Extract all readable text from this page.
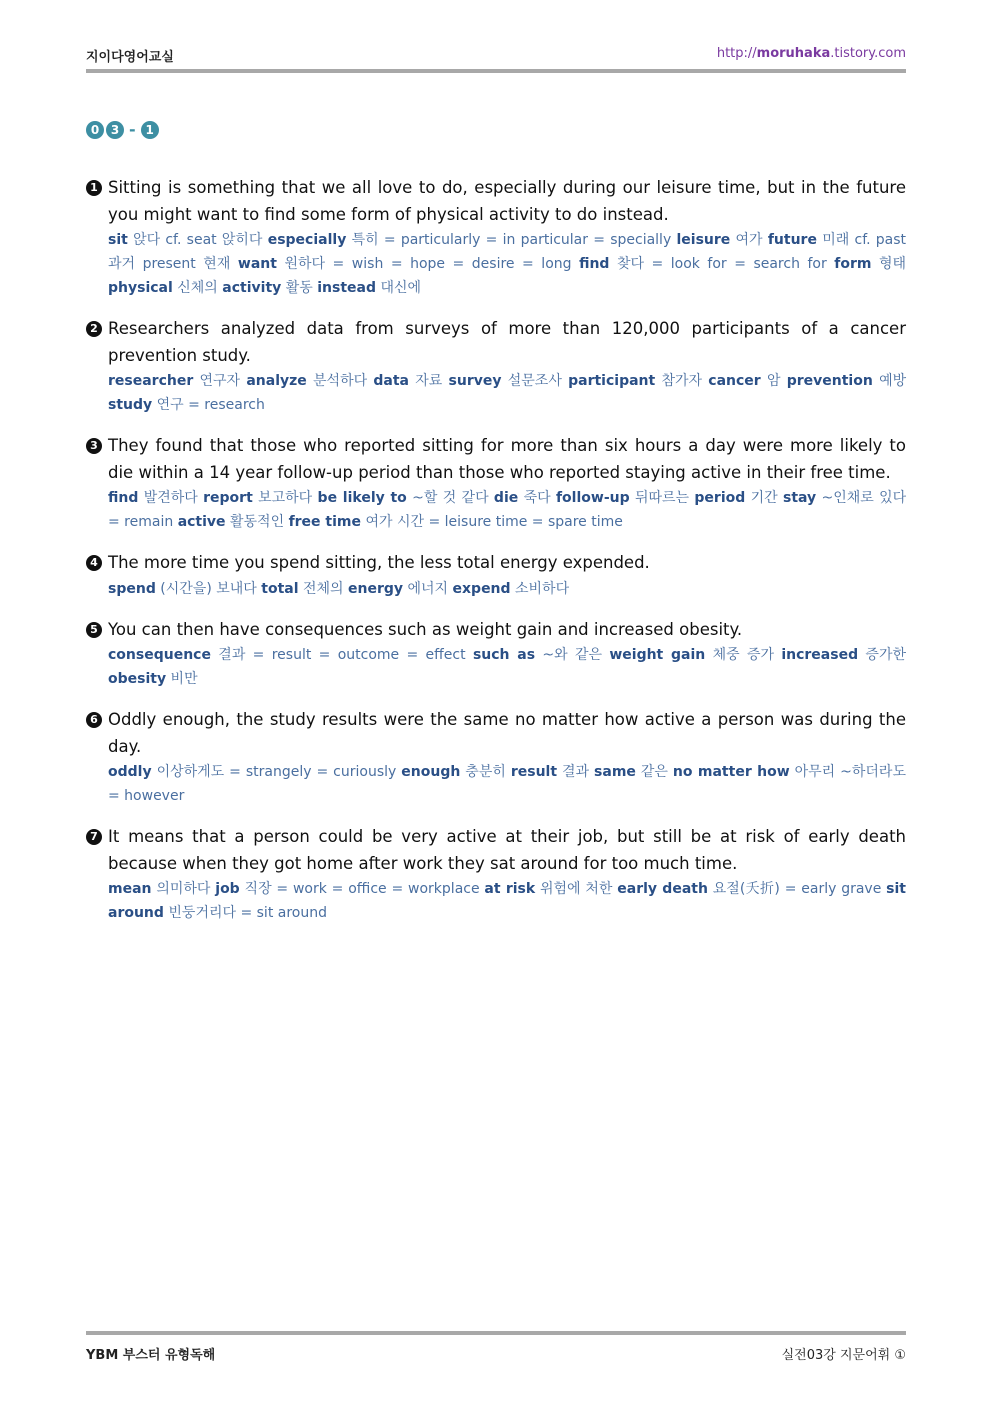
지이다영어교실	http://moruhaka.tistory.com
0 3 - 1
1 Sitting is something that we all love to do, especially during our leisure time, but in the future you might want to find some form of physical activity to do instead.
sit 앉다 cf. seat 앉히다 especially 특히 = particularly = in particular = specially leisure 여가 future 미래 cf. past 과거 present 현재 want 원하다 = wish = hope = desire = long find 찾다 = look for = search for form 형태 physical 신체의 activity 활동 instead 대신에
2 Researchers analyzed data from surveys of more than 120,000 participants of a cancer prevention study.
researcher 연구자 analyze 분석하다 data 자료 survey 설문조사 participant 참가자 cancer 암 prevention 예방 study 연구 = research
3 They found that those who reported sitting for more than six hours a day were more likely to die within a 14 year follow-up period than those who reported staying active in their free time.
find 발견하다 report 보고하다 be likely to ~할 것 같다 die 죽다 follow-up 뒤따르는 period 기간 stay ~인채로 있다 = remain active 활동적인 free time 여가 시간 = leisure time = spare time
4 The more time you spend sitting, the less total energy expended.
spend (시간을) 보내다 total 전체의 energy 에너지 expend 소비하다
5 You can then have consequences such as weight gain and increased obesity.
consequence 결과 = result = outcome = effect such as ~와 같은 weight gain 체중 증가 increased 증가한 obesity 비만
6 Oddly enough, the study results were the same no matter how active a person was during the day.
oddly 이상하게도 = strangely = curiously enough 충분히 result 결과 same 같은 no matter how 아무리 ~하더라도 = however
7 It means that a person could be very active at their job, but still be at risk of early death because when they got home after work they sat around for too much time.
mean 의미하다 job 직장 = work = office = workplace at risk 위험에 처한 early death 요절(夭折) = early grave sit around 빈둥거리다 = sit around
YBM 부스터 유형독해	실전03강 지문어휘 ①
